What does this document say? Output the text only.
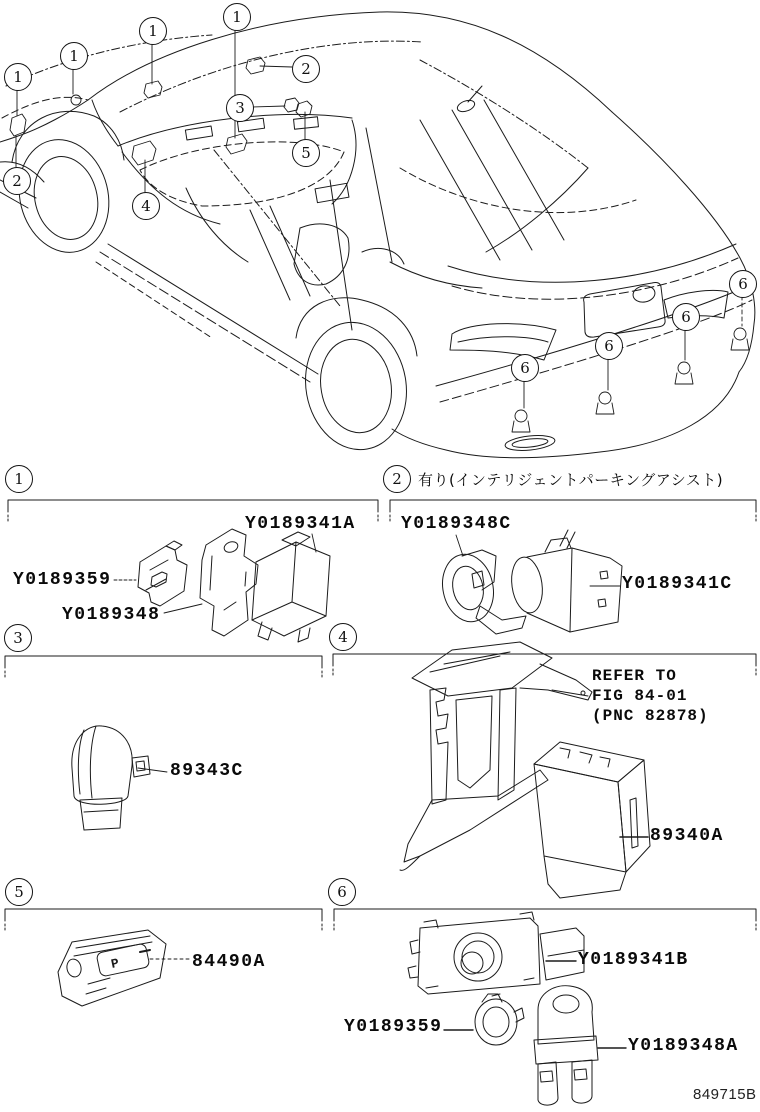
P
1
1
1
1
2
3
5
4
2
6
6
6
6
1	2
3	4
5	6
有り(インテリジェントパーキングアシスト)
Y0189341A
Y0189359
Y0189348
Y0189348C
Y0189341C
89343C
REFER TO
FIG 84-01
(PNC 82878)
89340A
84490A	Y0189341B
Y0189359
Y0189348A
849715B
